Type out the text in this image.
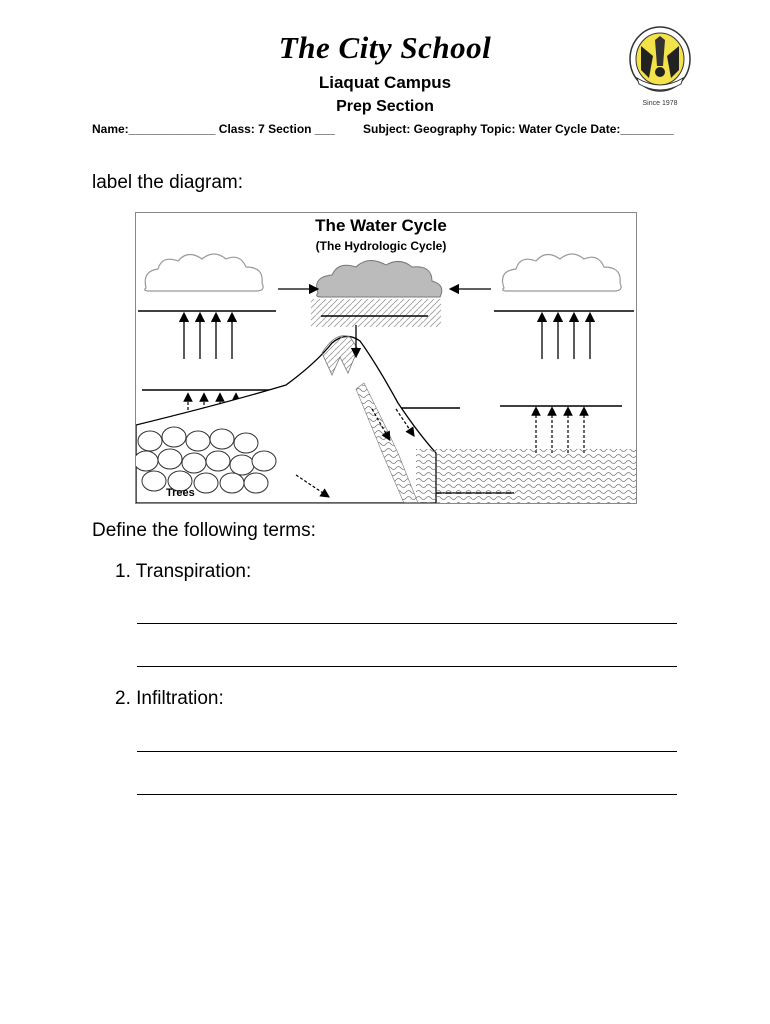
The City School
Liaquat Campus
Prep Section	Since 1978
Name:_____________ Class: 7 Section ___ Subject: Geography Topic: Water Cycle Date:________
label the diagram:
The Water Cycle
(The Hydrologic Cycle)
Trees
Define the following terms:
1. Transpiration:
2. Infiltration:
